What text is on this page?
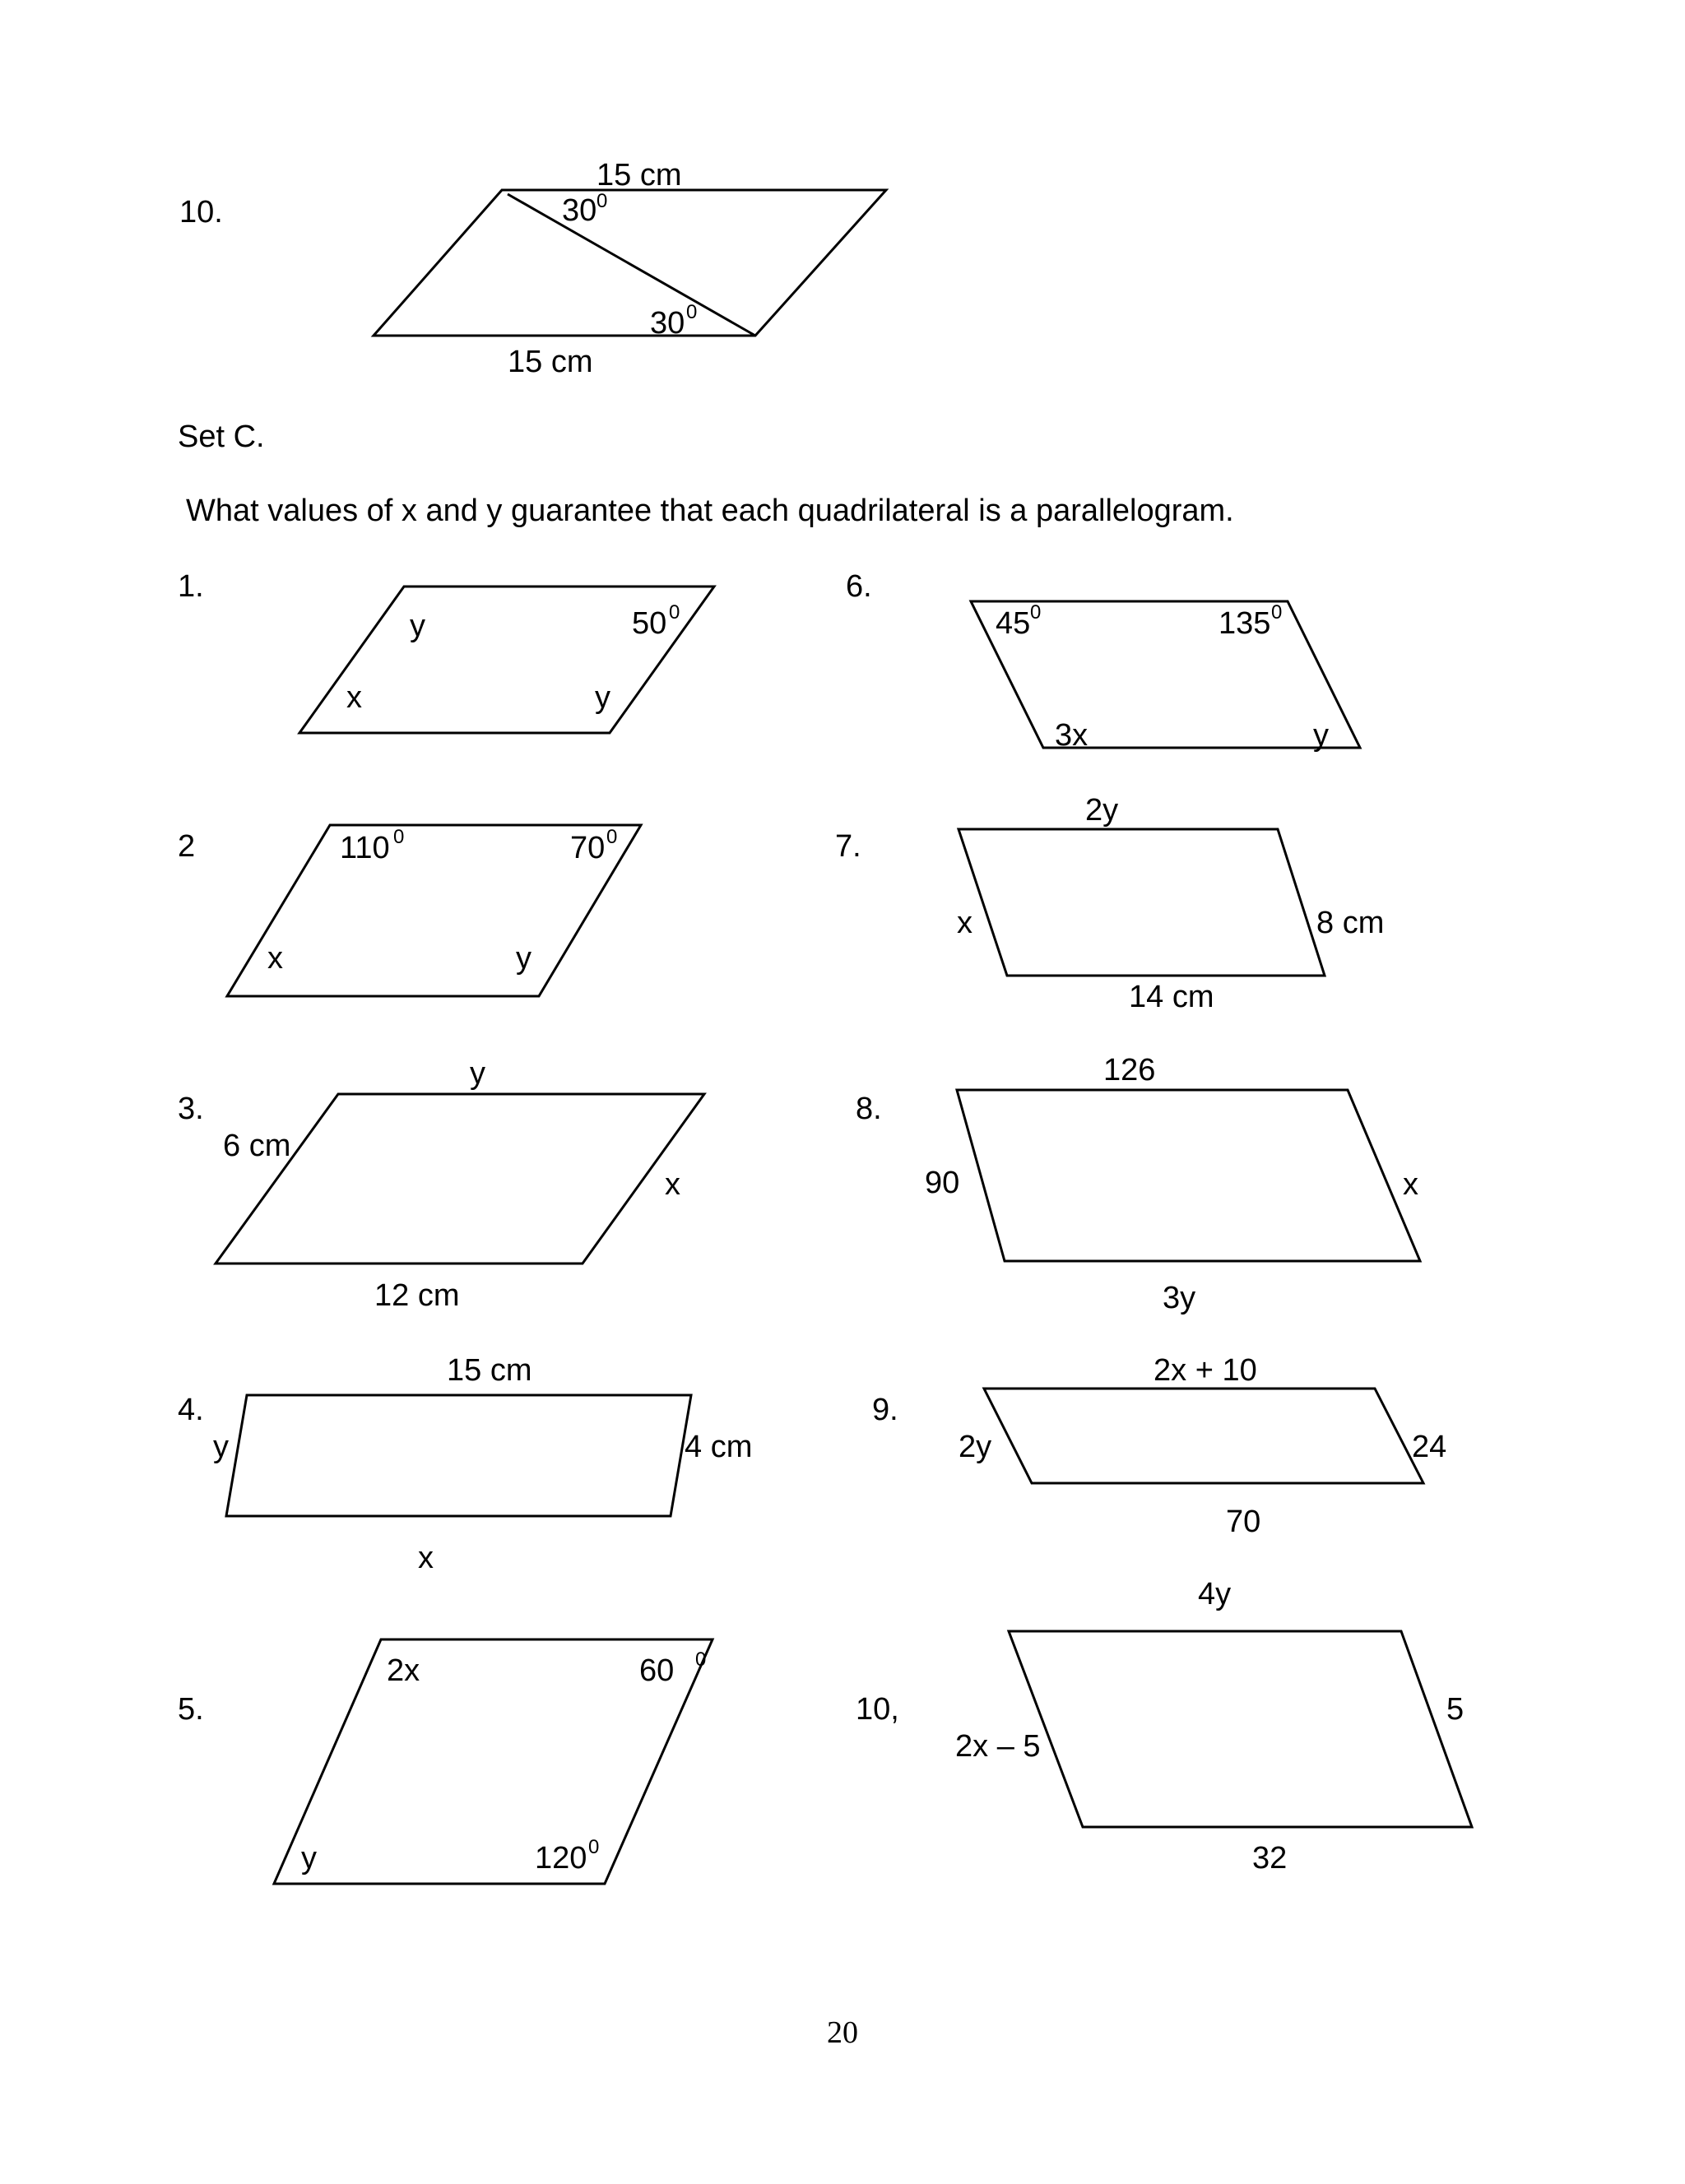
10.
15 cm
30 0
30 0
15 cm
Set C.
What values of x and y guarantee that each quadrilateral is a parallelogram.
1.
y	50 0
x	y
2	110 0	70 0
x	y
3.
y
6 cm
x
12 cm
4.
15 cm
y	4 cm
x
5.
2x	60 0
y	120 0
6.
45 0	135 0
3x	y
7.
2y
x	8 cm
14 cm
8.
126
90	x
3y
9.
2x + 10
2y	24
70
10,
4y
2x – 5
5
32
20
